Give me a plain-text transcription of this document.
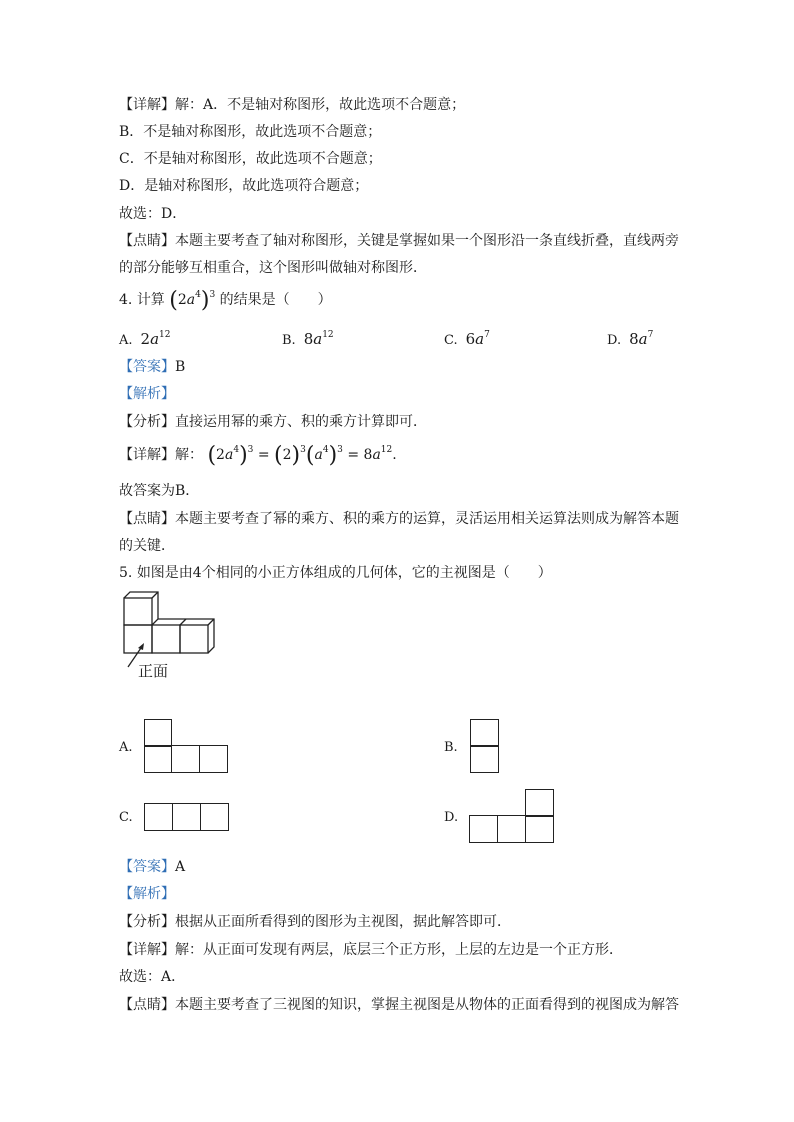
【详解】解：A．不是轴对称图形，故此选项不合题意；
B．不是轴对称图形，故此选项不合题意；
C．不是轴对称图形，故此选项不合题意；
D．是轴对称图形，故此选项符合题意；
故选：D．
【点睛】本题主要考查了轴对称图形，关键是掌握如果一个图形沿一条直线折叠，直线两旁
的部分能够互相重合，这个图形叫做轴对称图形．
4. 计算 $(2a^4)^3$ 的结果是（　　）
A. $2a^{12}$	B. $8a^{12}$	C. $6a^7$	D. $8a^7$
【答案】B
【解析】
【分析】直接运用幂的乘方、积的乘方计算即可．
【详解】解： $(2a^4)^3 = (2)^3(a^4)^3 = 8a^{12}$.
故答案为B．
【点睛】本题主要考查了幂的乘方、积的乘方的运算，灵活运用相关运算法则成为解答本题
的关键．
5. 如图是由4个相同的小正方体组成的几何体，它的主视图是（　　）
正面
A.	B.
C.	D.
【答案】A
【解析】
【分析】根据从正面所看得到的图形为主视图，据此解答即可．
【详解】解：从正面可发现有两层，底层三个正方形，上层的左边是一个正方形．
故选：A．
【点睛】本题主要考查了三视图的知识，掌握主视图是从物体的正面看得到的视图成为解答
